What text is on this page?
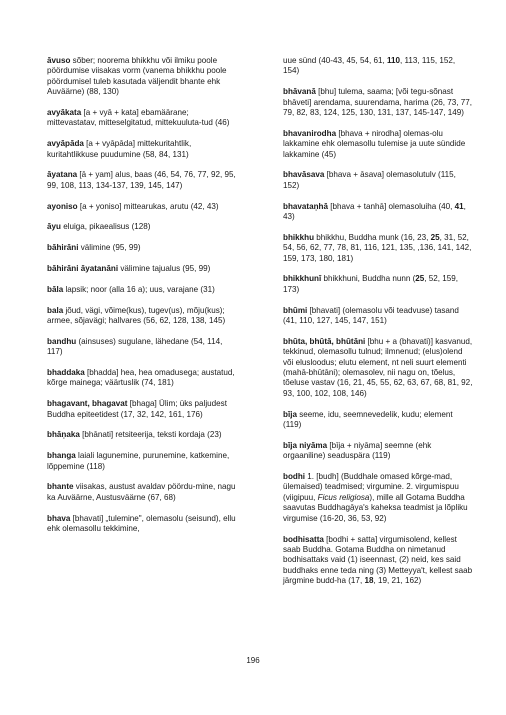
āvuso sõber; noorema bhikkhu või ilmiku poole pöördumise viisakas vorm (vanema bhikkhu poole pöördumisel tuleb kasutada väljendit bhante ehk Auväärne) (88, 130)

avyākata [a + vyā + kata] ebamäärane; mittevastatav, mitteselgitatud, mittekuuluta-tud (46)

avyāpāda [a + vyāpāda] mittekuritahtlik, kuritahtlikkuse puudumine (58, 84, 131)

āyatana [ā + yam] alus, baas (46, 54, 76, 77, 92, 95, 99, 108, 113, 134-137, 139, 145, 147)

ayoniso [a + yoniso] mittearukas, arutu (42, 43)

āyu eluiga, pikaealisus (128)

bāhirāni välimine (95, 99)

bāhirāni āyatanāni välimine tajualus (95, 99)

bāla lapsik; noor (alla 16 a); uus, varajane (31)

bala jõud, vägi, võime(kus), tugev(us), mõju(kus); armee, sõjavägi; hallvares (56, 62, 128, 138, 145)

bandhu (ainsuses) sugulane, lähedane (54, 114, 117)

bhaddaka [bhadda] hea, hea omadusega; austatud, kõrge mainega; väärtuslik (74, 181)

bhagavant, bhagavat [bhaga] Ülim; üks paljudest Buddha epiteetidest (17, 32, 142, 161, 176)

bhāṇaka [bhānati] retsiteerija, teksti kordaja (23)

bhanga laiali lagunemine, purunemine, katkemine, lõppemine (118)

bhante viisakas, austust avaldav pöördu-mine, nagu ka Auväärne, Austusväärne (67, 68)

bhava [bhavati] „tulemine", olemasolu (seisund), ellu ehk olemasollu tekkimine,

uue sünd (40-43, 45, 54, 61, 110, 113, 115, 152, 154)

bhāvanā [bhu] tulema, saama; [või tegu-sõnast bhāveti] arendama, suurendama, harima (26, 73, 77, 79, 82, 83, 124, 125, 130, 131, 137, 145-147, 149)

bhavanirodha [bhava + nirodha] olemas-olu lakkamine ehk olemasollu tulemise ja uute sündide lakkamine (45)

bhavāsava [bhava + āsava] olemasolutulv (115, 152)

bhavataṇhā [bhava + tanhā] olemasoluiha (40, 41, 43)

bhikkhu bhikkhu, Buddha munk (16, 23, 25, 31, 52, 54, 56, 62, 77, 78, 81, 116, 121, 135, ,136, 141, 142, 159, 173, 180, 181)

bhikkhunī bhikkhuni, Buddha nunn (25, 52, 159, 173)

bhūmi [bhavati] (olemasolu või teadvuse) tasand (41, 110, 127, 145, 147, 151)

bhūta, bhūtā, bhūtāni [bhu + a (bhavati)] kasvanud, tekkinud, olemasollu tulnud; ilmnenud; (elus)olend või elusloodus; elutu element, nt neli suurt elementi (mahā-bhūtāni); olemasolev, nii nagu on, tõelus, tõeluse vastav (16, 21, 45, 55, 62, 63, 67, 68, 81, 92, 93, 100, 102, 108, 146)

bīja seeme, idu, seemnevedelik, kudu; element (119)

bīja niyāma [bīja + niyāma] seemne (ehk orgaaniline) seaduspära (119)

bodhi 1. [budh] (Buddhale omased kõrge-mad, ülemaised) teadmised; virgumine. 2. virgumispuu (viigipuu, Ficus religiosa), mille all Gotama Buddha saavutas Buddhagāya's kaheksa teadmist ja lõpliku virgumise (16-20, 36, 53, 92)

bodhisatta [bodhi + satta] virgumisolend, kellest saab Buddha. Gotama Buddha on nimetanud bodhisattaks vaid (1) iseennast, (2) neid, kes said buddhaks enne teda ning (3) Metteyya't, kellest saab järgmine budd-ha (17, 18, 19, 21, 162)

196
